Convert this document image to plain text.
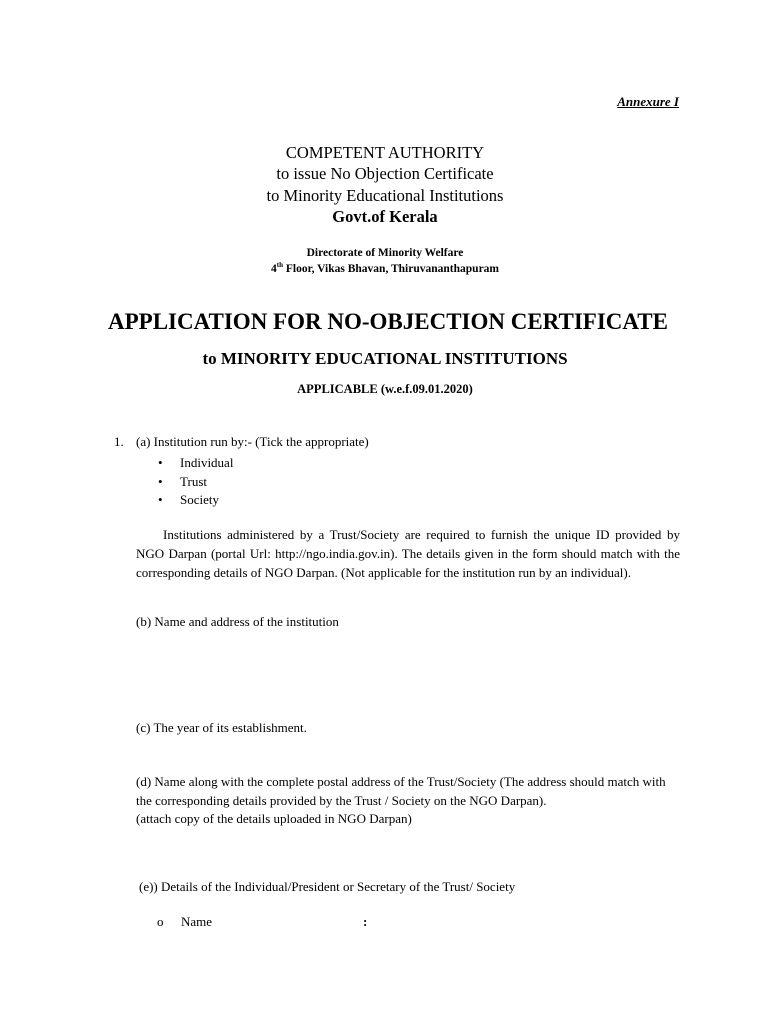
Annexure I
COMPETENT AUTHORITY
to issue No Objection Certificate
to Minority Educational Institutions
Govt.of Kerala
Directorate of Minority Welfare
4th Floor, Vikas Bhavan, Thiruvananthapuram
APPLICATION FOR NO-OBJECTION CERTIFICATE
to MINORITY EDUCATIONAL INSTITUTIONS
APPLICABLE (w.e.f.09.01.2020)
1. (a) Institution run by:- (Tick the appropriate)
• Individual
• Trust
• Society
Institutions administered by a Trust/Society are required to furnish the unique ID provided by NGO Darpan (portal Url: http://ngo.india.gov.in). The details given in the form should match with the corresponding details of NGO Darpan. (Not applicable for the institution run by an individual).
(b) Name and address of the institution
(c) The year of its establishment.
(d) Name along with the complete postal address of the Trust/Society (The address should match with the corresponding details provided by the Trust / Society on the NGO Darpan).
(attach copy of the details uploaded in NGO Darpan)
(e)) Details of the Individual/President or Secretary of the Trust/ Society
o Name	:
